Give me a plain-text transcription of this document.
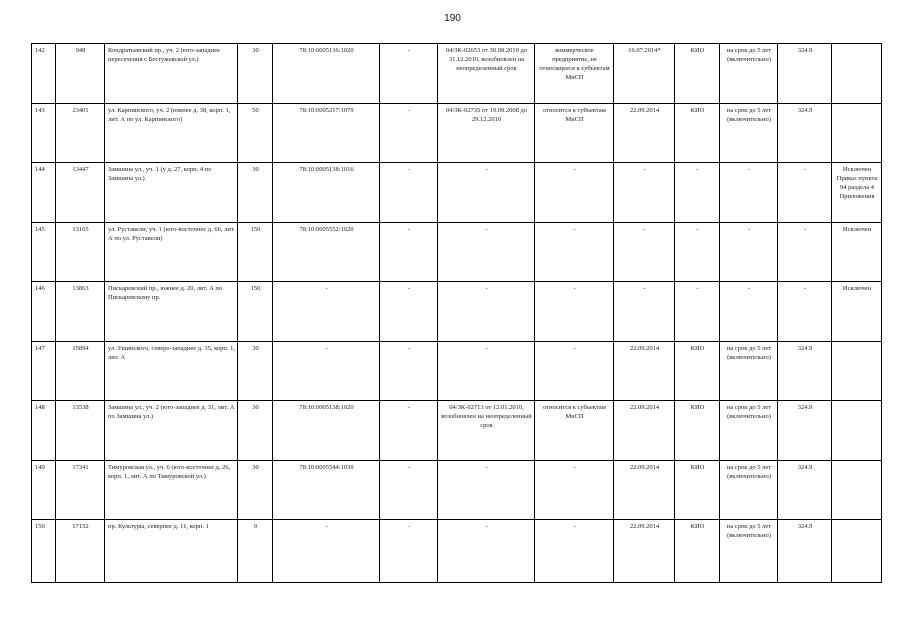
190
142	948	Кондратьевский пр., уч. 2 (юго-западнее пересечения с Бестужевской ул.)	30	78:10:0005136:1020	-	04/ЗК-02653 от 30.08.2010 до 31.12.2010, возобновлен на неопределенный срок	коммерческое предприятие, не относящееся к субъектам МиСП	16.07.2014*	КИО	на срок до 5 лет (включительно)	324.9	
143	23401	ул. Карпинского, уч. 2 (южнее д. 38, корп. 1, лит. А по ул. Карпинского)	50	78:10:0005217:1079	-	04/ЗК-02735 от 19.09.2008 до 29.12.2010	относится к субъектам МиСП	22.09.2014	КИО	на срок до 5 лет (включительно)	324.9	
144	13447	Замшина ул., уч. 1 (у д. 27, корп. 4 по Замшина ул.)	30	78:10:0005138:1016	-	-	-	-	-	-	-	Исключен Приказ пункта 94 раздела 4 Приложения
145	13165	ул. Руставели, уч. 1 (юго-восточнее д. 66, лит. А по ул. Руставели)	150	78:10:0005552:1020	-	-	-	-	-	-	-	Исключен
146	13863	Пискаревский пр., южнее д. 20, лит. А по Пискаревскому пр.	150	-	-	-	-	-	-	-	-	Исключен
147	15894	ул. Ушинского, северо-западнее д. 35, корп. 1, лит. А	30	-	-	-	-	22.09.2014	КИО	на срок до 5 лет (включительно)	324.9	
148	13538	Замшина ул., уч. 2 (юго-западнее д. 31, лит. А по Замшина ул.)	30	78:10:0005138:1020	-	04/ЗК-02713 от 12.01.2010, возобновлен на неопределенный срок	относится к субъектам МиСП	22.09.2014	КИО	на срок до 5 лет (включительно)	324.9	
149	17341	Тимуровская ул., уч. 6 (юго-восточнее д. 26, корп. 1, лит. А по Тимуровской ул.)	30	78:10:0005544:1030	-	-	-	22.09.2014	КИО	на срок до 5 лет (включительно)	324.9	
150	17152	пр. Культуры, севернее д. 11, корп. 1	9	-	-	-	-	22.09.2014	КИО	на срок до 5 лет (включительно)	324.9	
